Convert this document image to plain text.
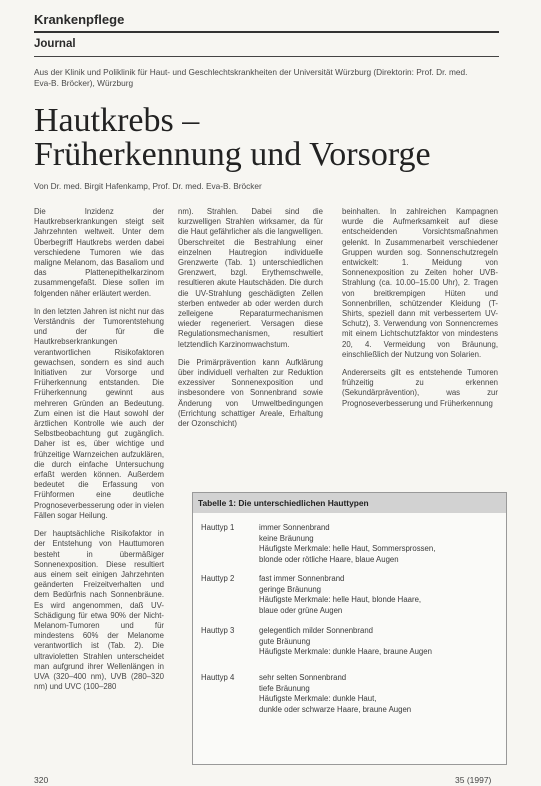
Krankenpflege
Journal
Aus der Klinik und Poliklinik für Haut- und Geschlechtskrankheiten der Universität Würzburg (Direktorin: Prof. Dr. med. Eva-B. Bröcker), Würzburg
Hautkrebs –
Früherkennung und Vorsorge
Von Dr. med. Birgit Hafenkamp, Prof. Dr. med. Eva-B. Bröcker

Die Inzidenz der Hautkrebserkrankungen steigt seit Jahrzehnten weltweit. Unter dem Überbegriff Hautkrebs werden dabei verschiedene Tumoren wie das maligne Melanom, das Basaliom und das Plattenepithelkarzinom zusammengefaßt. Diese sollen im folgenden näher erläutert werden.

In den letzten Jahren ist nicht nur das Verständnis der Tumorentstehung und der für die Hautkrebserkrankungen verantwortlichen Risikofaktoren gewachsen, sondern es sind auch Initiativen zur Vorsorge und Früherkennung entstanden. Die Früherkennung gewinnt aus mehreren Gründen an Bedeutung. Zum einen ist die Haut sowohl der ärztlichen Kontrolle wie auch der Selbstbeobachtung gut zugänglich. Daher ist es, über wichtige und frühzeitige Warnzeichen aufzuklären, die durch einfache Untersuchung erfaßt werden können. Außerdem bedeutet die Erfassung von Frühformen eine deutliche Prognoseverbesserung oder in vielen Fällen sogar Heilung.

Der hauptsächliche Risikofaktor in der Entstehung von Hauttumoren besteht in übermäßiger Sonnenexposition. Diese resultiert aus einem seit einigen Jahrzehnten geänderten Freizeitverhalten und dem Bedürfnis nach Sonnenbräune. Es wird angenommen, daß UV-Schädigung für etwa 90% der Nicht-Melanom-Tumoren und für mindestens 60% der Melanome verantwortlich ist (Tab. 2). Die ultravioletten Strahlen unterscheidet man aufgrund ihrer Wellenlängen in UVA (320–400 nm), UVB (280–320 nm) und UVC (100–280

nm). Strahlen. Dabei sind die kurzwelligen Strahlen wirksamer, da für die Haut gefährlicher als die langwelligen. Überschreitet die Bestrahlung einer einzelnen Hautregion individuelle Grenzwerte (Tab. 1) unterschiedlichen Grenzwert, bzgl. Erythemschwelle, resultieren akute Hautschäden. Die durch die UV-Strahlung geschädigten Zellen sterben entweder ab oder werden durch zelleigene Reparaturmechanismen wieder regeneriert. Versagen diese Regulationsmechanismen, resultiert letztendlich Karzinomwachstum.

Die Primärprävention kann Aufklärung über individuell verhalten zur Reduktion exzessiver Sonnenexposition und insbesondere von Sonnenbrand sowie Änderung von Umweltbedingungen (Errichtung schattiger Areale, Erhaltung der Ozonschicht)

beinhalten. In zahlreichen Kampagnen wurde die Aufmerksamkeit auf diese entscheidenden Vorsichtsmaßnahmen gelenkt. In Zusammenarbeit verschiedener Gruppen wurden sog. Sonnenschutzregeln entwickelt: 1. Meidung von Sonnenexposition zu Zeiten hoher UVB-Strahlung (ca. 10.00–15.00 Uhr), 2. Tragen von breitkrempigen Hüten und Sonnenbrillen, schützender Kleidung (T-Shirts, speziell dann mit verbessertem UV-Schutz), 3. Verwendung von Sonnencremes mit einem Lichtschutzfaktor von mindestens 20, 4. Vermeidung von Bräunung, einschließlich der Nutzung von Solarien.

Andererseits gilt es entstehende Tumoren frühzeitig zu erkennen (Sekundärprävention), was zur Prognoseverbesserung und Früherkennung

Tabelle 1: Die unterschiedlichen Hauttypen
Hauttyp 1	immer Sonnenbrand
keine Bräunung
Häufigste Merkmale: helle Haut, Sommersprossen,
blonde oder rötliche Haare, blaue Augen
Hauttyp 2	fast immer Sonnenbrand
geringe Bräunung
Häufigste Merkmale: helle Haut, blonde Haare,
blaue oder grüne Augen
Hauttyp 3	gelegentlich milder Sonnenbrand
gute Bräunung
Häufigste Merkmale: dunkle Haare, braune Augen
Hauttyp 4	sehr selten Sonnenbrand
tiefe Bräunung
Häufigste Merkmale: dunkle Haut,
dunkle oder schwarze Haare, braune Augen
320	35 (1997)
